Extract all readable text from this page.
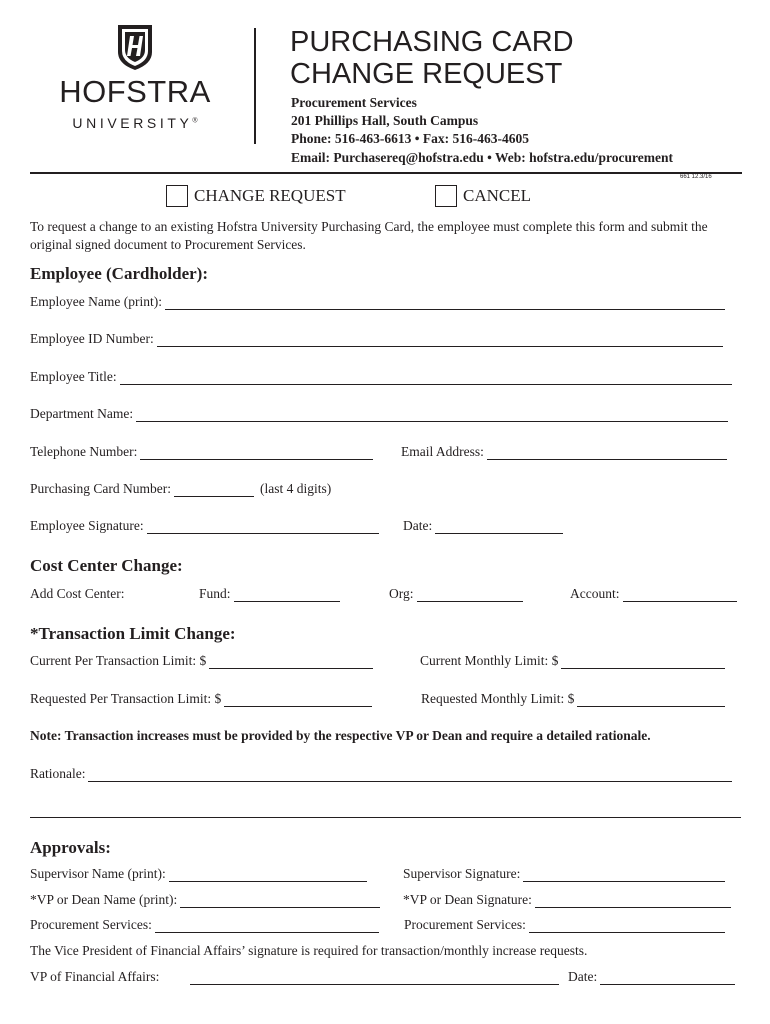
HOFSTRA
UNIVERSITY®
PURCHASING CARD
CHANGE REQUEST
Procurement Services
201 Phillips Hall, South Campus
Phone: 516-463-6613 • Fax: 516-463-4605
Email: Purchasereq@hofstra.edu • Web: hofstra.edu/procurement
661 12.3/16
CHANGE REQUEST	CANCEL
To request a change to an existing Hofstra University Purchasing Card, the employee must complete this form and submit the original signed document to Procurement Services.
Employee (Cardholder):
Employee Name (print):
Employee ID Number:
Employee Title:
Department Name:
Telephone Number:	Email Address:
Purchasing Card Number:	(last 4 digits)
Employee Signature:	Date:
Cost Center Change:
Add Cost Center:	Fund:	Org:	Account:
*Transaction Limit Change:
Current Per Transaction Limit: $	Current Monthly Limit: $
Requested Per Transaction Limit: $	Requested Monthly Limit: $
Note: Transaction increases must be provided by the respective VP or Dean and require a detailed rationale.
Rationale:
Approvals:
Supervisor Name (print):	Supervisor Signature:
*VP or Dean Name (print):	*VP or Dean Signature:
Procurement Services:	Procurement Services:
The Vice President of Financial Affairs’ signature is required for transaction/monthly increase requests.
VP of Financial Affairs:	Date:
